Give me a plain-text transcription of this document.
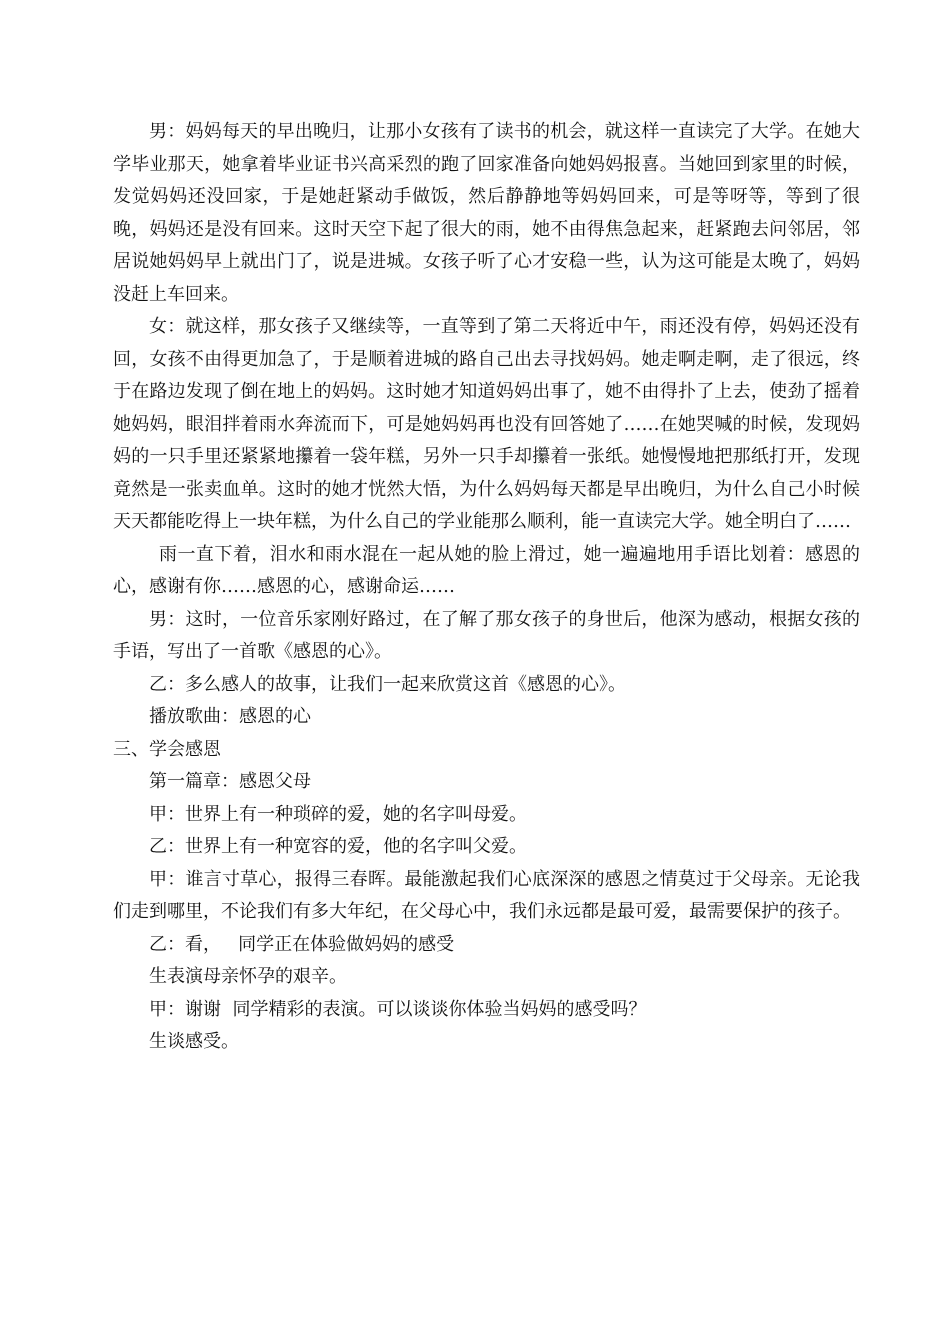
男：妈妈每天的早出晚归，让那小女孩有了读书的机会，就这样一直读完了大学。在她大学毕业那天，她拿着毕业证书兴高采烈的跑了回家准备向她妈妈报喜。当她回到家里的时候，发觉妈妈还没回家，于是她赶紧动手做饭，然后静静地等妈妈回来，可是等呀等，等到了很晚，妈妈还是没有回来。这时天空下起了很大的雨，她不由得焦急起来，赶紧跑去问邻居，邻居说她妈妈早上就出门了，说是进城。女孩子听了心才安稳一些，认为这可能是太晚了，妈妈没赶上车回来。

女：就这样，那女孩子又继续等，一直等到了第二天将近中午，雨还没有停，妈妈还没有回，女孩不由得更加急了，于是顺着进城的路自己出去寻找妈妈。她走啊走啊，走了很远，终于在路边发现了倒在地上的妈妈。这时她才知道妈妈出事了，她不由得扑了上去，使劲了摇着她妈妈，眼泪拌着雨水奔流而下，可是她妈妈再也没有回答她了……在她哭喊的时候，发现妈妈的一只手里还紧紧地攥着一袋年糕，另外一只手却攥着一张纸。她慢慢地把那纸打开，发现竟然是一张卖血单。这时的她才恍然大悟，为什么妈妈每天都是早出晚归，为什么自己小时候天天都能吃得上一块年糕，为什么自己的学业能那么顺利，能一直读完大学。她全明白了……

雨一直下着，泪水和雨水混在一起从她的脸上滑过，她一遍遍地用手语比划着：感恩的心，感谢有你……感恩的心，感谢命运……

男：这时，一位音乐家刚好路过，在了解了那女孩子的身世后，他深为感动，根据女孩的手语，写出了一首歌《感恩的心》。

乙：多么感人的故事，让我们一起来欣赏这首《感恩的心》。

播放歌曲：感恩的心

三、学会感恩

第一篇章：感恩父母

甲：世界上有一种琐碎的爱，她的名字叫母爱。

乙：世界上有一种宽容的爱，他的名字叫父爱。

甲：谁言寸草心，报得三春晖。最能激起我们心底深深的感恩之情莫过于父母亲。无论我们走到哪里，不论我们有多大年纪，在父母心中，我们永远都是最可爱，最需要保护的孩子。

乙：看，   同学正在体验做妈妈的感受

生表演母亲怀孕的艰辛。

甲：谢谢  同学精彩的表演。可以谈谈你体验当妈妈的感受吗？

生谈感受。
